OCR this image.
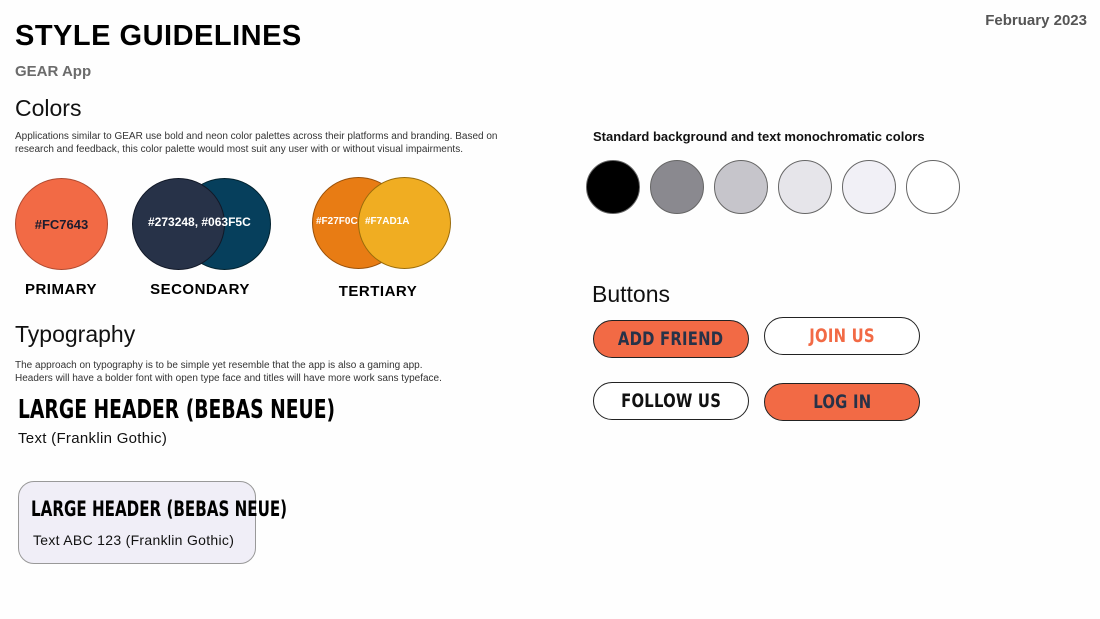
February 2023
STYLE GUIDELINES
GEAR App
Colors
Applications similar to GEAR use bold and neon color palettes across their platforms and branding. Based on
research and feedback, this color palette would most suit any user with or without visual impairments.
#FC7643
PRIMARY
#273248, #063F5C
SECONDARY
#F27F0C #F7AD1A
TERTIARY
Standard background and text monochromatic colors
Typography
The approach on typography is to be simple yet resemble that the app is also a gaming app.
Headers will have a bolder font with open type face and titles will have more work sans typeface.
LARGE HEADER (BEBAS NEUE)
Text (Franklin Gothic)
LARGE HEADER (BEBAS NEUE)
Text ABC 123 (Franklin Gothic)
Buttons
ADD FRIEND	JOIN US
FOLLOW US	LOG IN
